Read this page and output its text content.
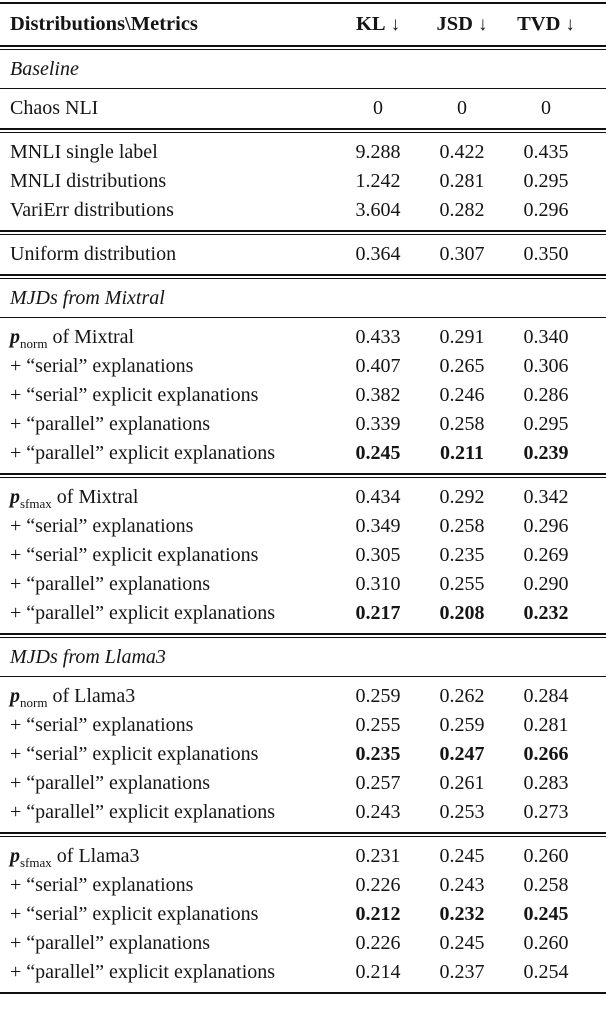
Distributions\Metrics	KL ↓	JSD ↓	TVD ↓
Baseline
Chaos NLI	0	0	0
MNLI single label	9.288	0.422	0.435
MNLI distributions	1.242	0.281	0.295
VariErr distributions	3.604	0.282	0.296
Uniform distribution	0.364	0.307	0.350
MJDs from Mixtral
$p_{norm}$ of Mixtral	0.433	0.291	0.340
+ “serial” explanations	0.407	0.265	0.306
+ “serial” explicit explanations	0.382	0.246	0.286
+ “parallel” explanations	0.339	0.258	0.295
+ “parallel” explicit explanations	0.245	0.211	0.239
$p_{sfmax}$ of Mixtral	0.434	0.292	0.342
+ “serial” explanations	0.349	0.258	0.296
+ “serial” explicit explanations	0.305	0.235	0.269
+ “parallel” explanations	0.310	0.255	0.290
+ “parallel” explicit explanations	0.217	0.208	0.232
MJDs from Llama3
$p_{norm}$ of Llama3	0.259	0.262	0.284
+ “serial” explanations	0.255	0.259	0.281
+ “serial” explicit explanations	0.235	0.247	0.266
+ “parallel” explanations	0.257	0.261	0.283
+ “parallel” explicit explanations	0.243	0.253	0.273
$p_{sfmax}$ of Llama3	0.231	0.245	0.260
+ “serial” explanations	0.226	0.243	0.258
+ “serial” explicit explanations	0.212	0.232	0.245
+ “parallel” explanations	0.226	0.245	0.260
+ “parallel” explicit explanations	0.214	0.237	0.254
